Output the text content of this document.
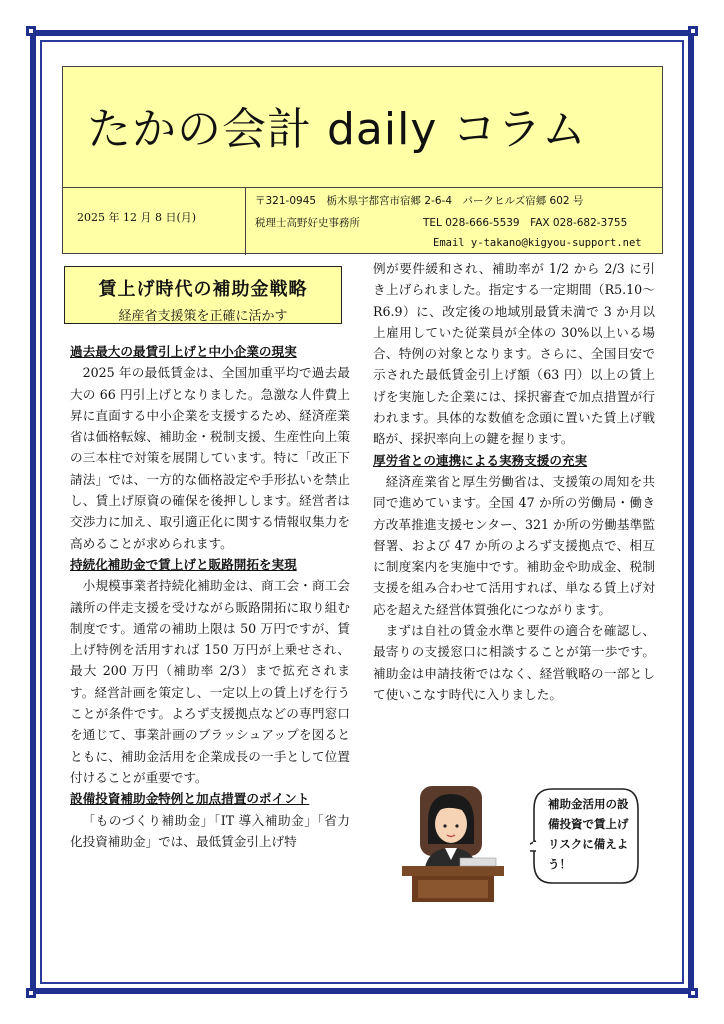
たかの会計 daily コラム
2025 年 12 月 8 日(月)
〒321-0945　栃木県宇都宮市宿郷 2-6-4　パークヒルズ宿郷 602 号
税理士高野好史事務所	TEL 028-666-5539　FAX 028-682-3755
Email y-takano@kigyou-support.net
賃上げ時代の補助金戦略
経産省支援策を正確に活かす
過去最大の最賃引上げと中小企業の現実

2025 年の最低賃金は、全国加重平均で過去最大の 66 円引上げとなりました。急激な人件費上昇に直面する中小企業を支援するため、経済産業省は価格転嫁、補助金・税制支援、生産性向上策の三本柱で対策を展開しています。特に「改正下請法」では、一方的な価格設定や手形払いを禁止し、賃上げ原資の確保を後押しします。経営者は交渉力に加え、取引適正化に関する情報収集力を高めることが求められます。

持続化補助金で賃上げと販路開拓を実現

小規模事業者持続化補助金は、商工会・商工会議所の伴走支援を受けながら販路開拓に取り組む制度です。通常の補助上限は 50 万円ですが、賃上げ特例を活用すれば 150 万円が上乗せされ、最大 200 万円（補助率 2/3）まで拡充されます。経営計画を策定し、一定以上の賃上げを行うことが条件です。よろず支援拠点などの専門窓口を通じて、事業計画のブラッシュアップを図るとともに、補助金活用を企業成長の一手として位置付けることが重要です。

設備投資補助金特例と加点措置のポイント

「ものづくり補助金」「IT 導入補助金」「省力化投資補助金」では、最低賃金引上げ特

例が要件緩和され、補助率が 1/2 から 2/3 に引き上げられました。指定する一定期間（R5.10～R6.9）に、改定後の地域別最賃未満で 3 か月以上雇用していた従業員が全体の 30%以上いる場合、特例の対象となります。さらに、全国目安で示された最低賃金引上げ額（63 円）以上の賃上げを実施した企業には、採択審査で加点措置が行われます。具体的な数値を念頭に置いた賃上げ戦略が、採択率向上の鍵を握ります。

厚労省との連携による実務支援の充実

経済産業省と厚生労働省は、支援策の周知を共同で進めています。全国 47 か所の労働局・働き方改革推進支援センター、321 か所の労働基準監督署、および 47 か所のよろず支援拠点で、相互に制度案内を実施中です。補助金や助成金、税制支援を組み合わせて活用すれば、単なる賃上げ対応を超えた経営体質強化につながります。

まずは自社の賃金水準と要件の適合を確認し、最寄りの支援窓口に相談することが第一歩です。補助金は申請技術ではなく、経営戦略の一部として使いこなす時代に入りました。

補助金活用の設備投資で賃上げリスクに備えよう！
